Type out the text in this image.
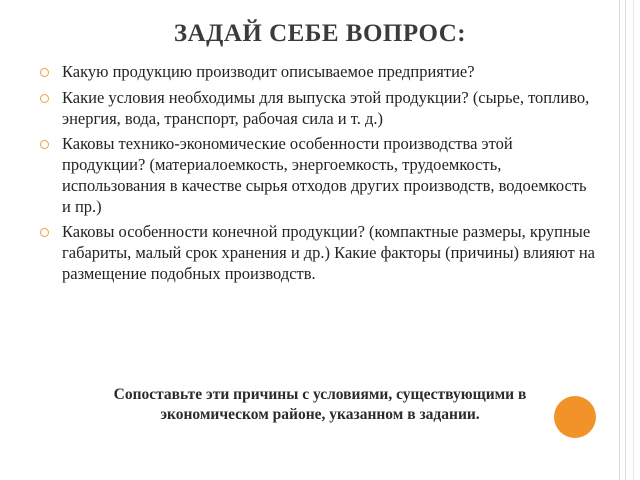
ЗАДАЙ СЕБЕ ВОПРОС:
Какую продукцию производит описываемое предприятие?
Какие условия необходимы для выпуска этой продукции? (сырье, топливо, энергия, вода, транспорт, рабочая сила и т. д.)
Каковы технико-экономические особенности производства этой продукции? (материалоемкость, энергоемкость, трудоемкость, использования в качестве сырья отходов других производств, водоемкость и пр.)
Каковы особенности конечной продукции? (компактные размеры, крупные габариты, малый срок хранения и др.) Какие факторы (причины) влияют на размещение подобных производств.
Сопоставьте эти причины с условиями, существующими в экономическом районе, указанном в задании.
